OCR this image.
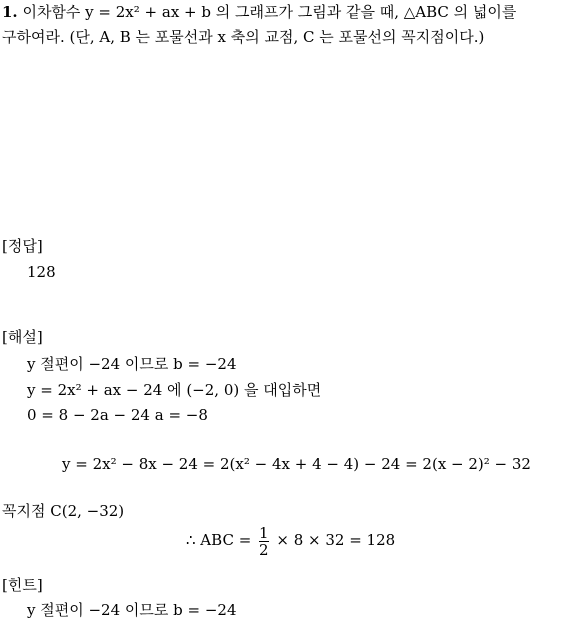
1. 이차함수 y = 2x² + ax + b 의 그래프가 그림과 같을 때, △ABC 의 넓이를
구하여라. (단, A, B 는 포물선과 x 축의 교점, C 는 포물선의 꼭지점이다.)
[정답]
128
[해설]
y 절편이 −24 이므로 b = −24
y = 2x² + ax − 24 에 (−2, 0) 을 대입하면
0 = 8 − 2a − 24 a = −8
y = 2x² − 8x − 24 = 2(x² − 4x + 4 − 4) − 24 = 2(x − 2)² − 32
꼭지점 C(2, −32)
∴ ABC = $\frac{1}{2} \times 8 \times 32 = 128$
[힌트]
y 절편이 −24 이므로 b = −24
